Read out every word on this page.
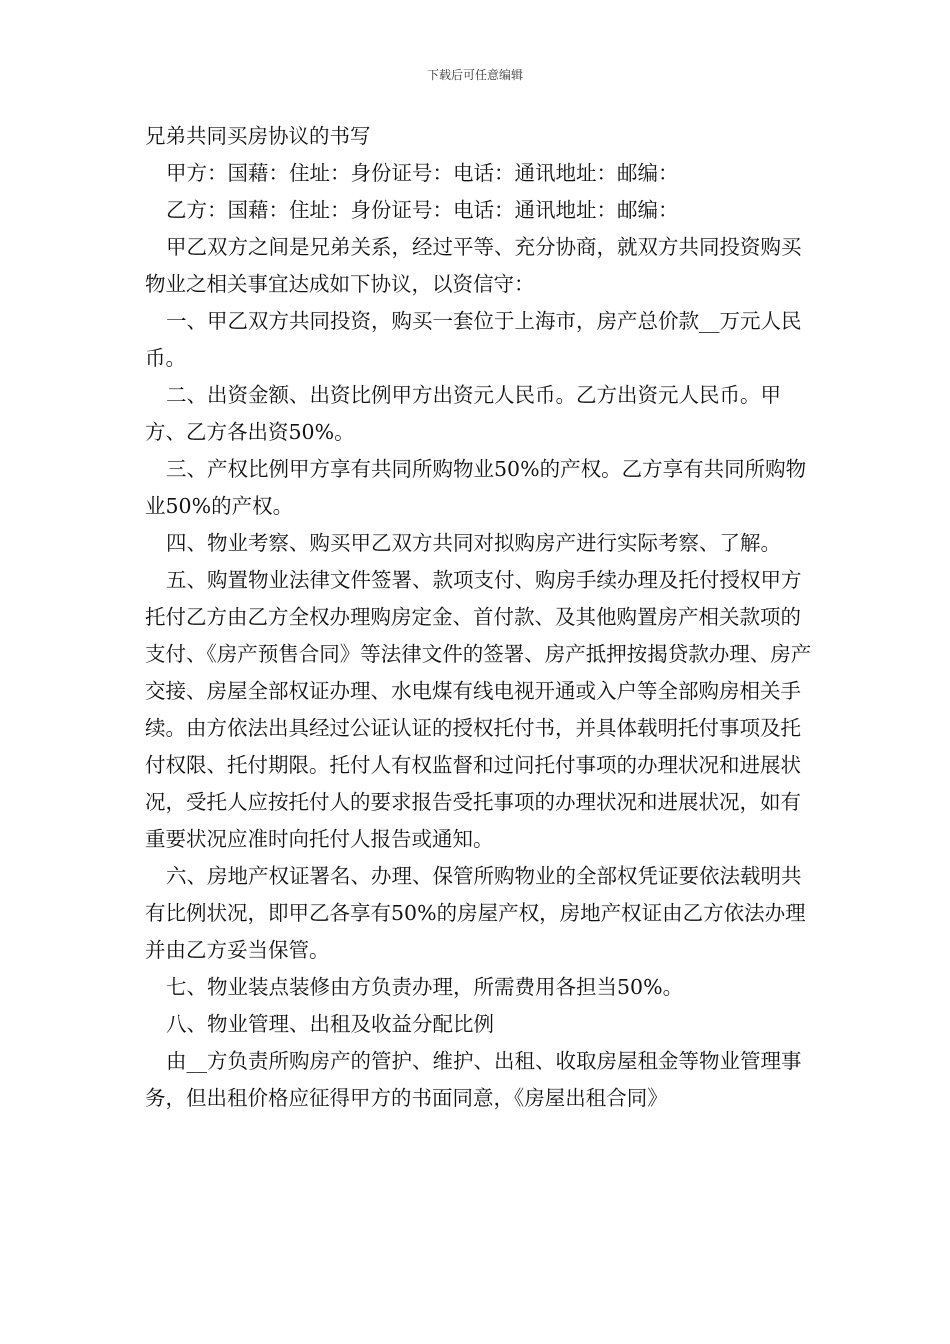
下载后可任意编辑

兄弟共同买房协议的书写

甲方：国藉：住址：身份证号：电话：通讯地址：邮编：

乙方：国藉：住址：身份证号：电话：通讯地址：邮编：

甲乙双方之间是兄弟关系，经过平等、充分协商，就双方共同投资购买物业之相关事宜达成如下协议，以资信守：

一、甲乙双方共同投资，购买一套位于上海市，房产总价款__万元人民币。

二、出资金额、出资比例甲方出资元人民币。乙方出资元人民币。甲方、乙方各出资50%。

三、产权比例甲方享有共同所购物业50%的产权。乙方享有共同所购物业50%的产权。

四、物业考察、购买甲乙双方共同对拟购房产进行实际考察、了解。

五、购置物业法律文件签署、款项支付、购房手续办理及托付授权甲方托付乙方由乙方全权办理购房定金、首付款、及其他购置房产相关款项的支付、《房产预售合同》等法律文件的签署、房产抵押按揭贷款办理、房产交接、房屋全部权证办理、水电煤有线电视开通或入户等全部购房相关手续。由方依法出具经过公证认证的授权托付书，并具体载明托付事项及托付权限、托付期限。托付人有权监督和过问托付事项的办理状况和进展状况，受托人应按托付人的要求报告受托事项的办理状况和进展状况，如有重要状况应准时向托付人报告或通知。

六、房地产权证署名、办理、保管所购物业的全部权凭证要依法载明共有比例状况，即甲乙各享有50%的房屋产权，房地产权证由乙方依法办理并由乙方妥当保管。

七、物业装点装修由方负责办理，所需费用各担当50%。

八、物业管理、出租及收益分配比例

由__方负责所购房产的管护、维护、出租、收取房屋租金等物业管理事务，但出租价格应征得甲方的书面同意，《房屋出租合同》
